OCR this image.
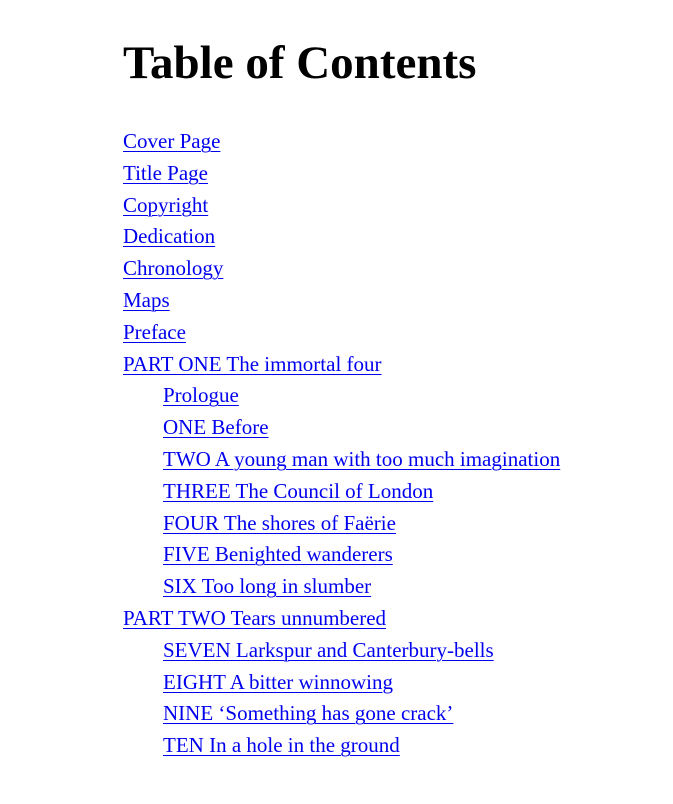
Table of Contents
Cover Page
Title Page
Copyright
Dedication
Chronology
Maps
Preface
PART ONE The immortal four
Prologue
ONE Before
TWO A young man with too much imagination
THREE The Council of London
FOUR The shores of Faërie
FIVE Benighted wanderers
SIX Too long in slumber
PART TWO Tears unnumbered
SEVEN Larkspur and Canterbury-bells
EIGHT A bitter winnowing
NINE ‘Something has gone crack’
TEN In a hole in the ground
